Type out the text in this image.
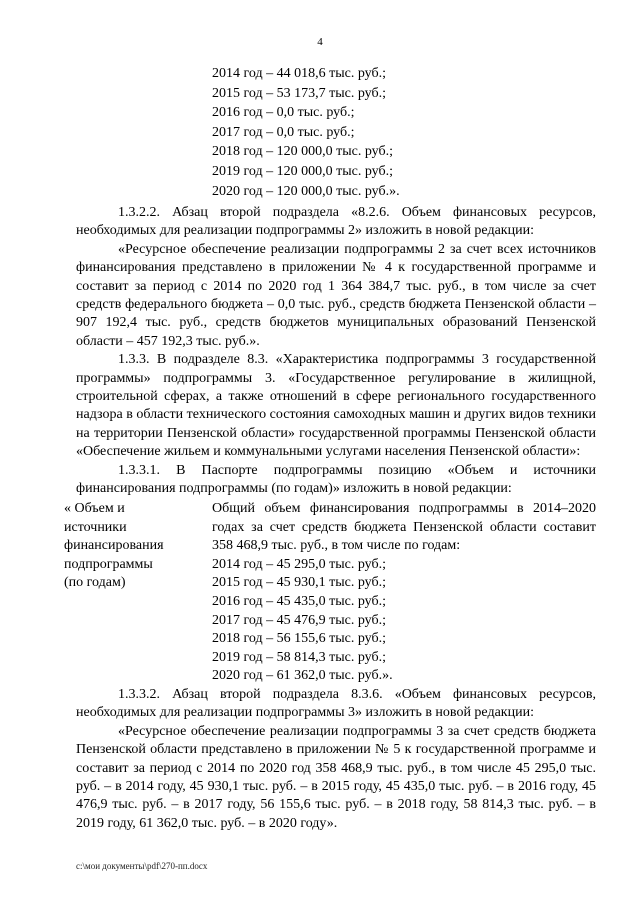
4
2014 год – 44 018,6 тыс. руб.;
2015 год – 53 173,7 тыс. руб.;
2016 год – 0,0 тыс. руб.;
2017 год – 0,0 тыс. руб.;
2018 год – 120 000,0 тыс. руб.;
2019 год – 120 000,0 тыс. руб.;
2020 год – 120 000,0 тыс. руб.».

1.3.2.2. Абзац второй подраздела «8.2.6. Объем финансовых ресурсов, необходимых для реализации подпрограммы 2» изложить в новой редакции:

«Ресурсное обеспечение реализации подпрограммы 2 за счет всех источников финансирования представлено в приложении № 4 к государственной программе и составит за период с 2014 по 2020 год 1 364 384,7 тыс. руб., в том числе за счет средств федерального бюджета – 0,0 тыс. руб., средств бюджета Пензенской области – 907 192,4 тыс. руб., средств бюджетов муниципальных образований Пензенской области – 457 192,3 тыс. руб.».

1.3.3. В подразделе 8.3. «Характеристика подпрограммы 3 государственной программы» подпрограммы 3. «Государственное регулирование в жилищной, строительной сферах, а также отношений в сфере регионального государственного надзора в области технического состояния самоходных машин и других видов техники на территории Пензенской области» государственной программы Пензенской области «Обеспечение жильем и коммунальными услугами населения Пензенской области»:

1.3.3.1. В Паспорте подпрограммы позицию «Объем и источники финансирования подпрограммы (по годам)» изложить в новой редакции:

« Объем и
источники
финансирования
подпрограммы
(по годам)
Общий объем финансирования подпрограммы в 2014–2020 годах за счет средств бюджета Пензенской области составит 358 468,9 тыс. руб., в том числе по годам:
2014 год – 45 295,0 тыс. руб.;
2015 год – 45 930,1 тыс. руб.;
2016 год – 45 435,0 тыс. руб.;
2017 год – 45 476,9 тыс. руб.;
2018 год – 56 155,6 тыс. руб.;
2019 год – 58 814,3 тыс. руб.;
2020 год – 61 362,0 тыс. руб.».

1.3.3.2. Абзац второй подраздела 8.3.6. «Объем финансовых ресурсов, необходимых для реализации подпрограммы 3» изложить в новой редакции:

«Ресурсное обеспечение реализации подпрограммы 3 за счет средств бюджета Пензенской области представлено в приложении № 5 к государственной программе и составит за период с 2014 по 2020 год 358 468,9 тыс. руб., в том числе 45 295,0 тыс. руб. – в 2014 году, 45 930,1 тыс. руб. – в 2015 году, 45 435,0 тыс. руб. – в 2016 году, 45 476,9 тыс. руб. – в 2017 году, 56 155,6 тыс. руб. – в 2018 году, 58 814,3 тыс. руб. – в 2019 году, 61 362,0 тыс. руб. – в 2020 году».

c:\мои документы\pdf\270-пп.docx
